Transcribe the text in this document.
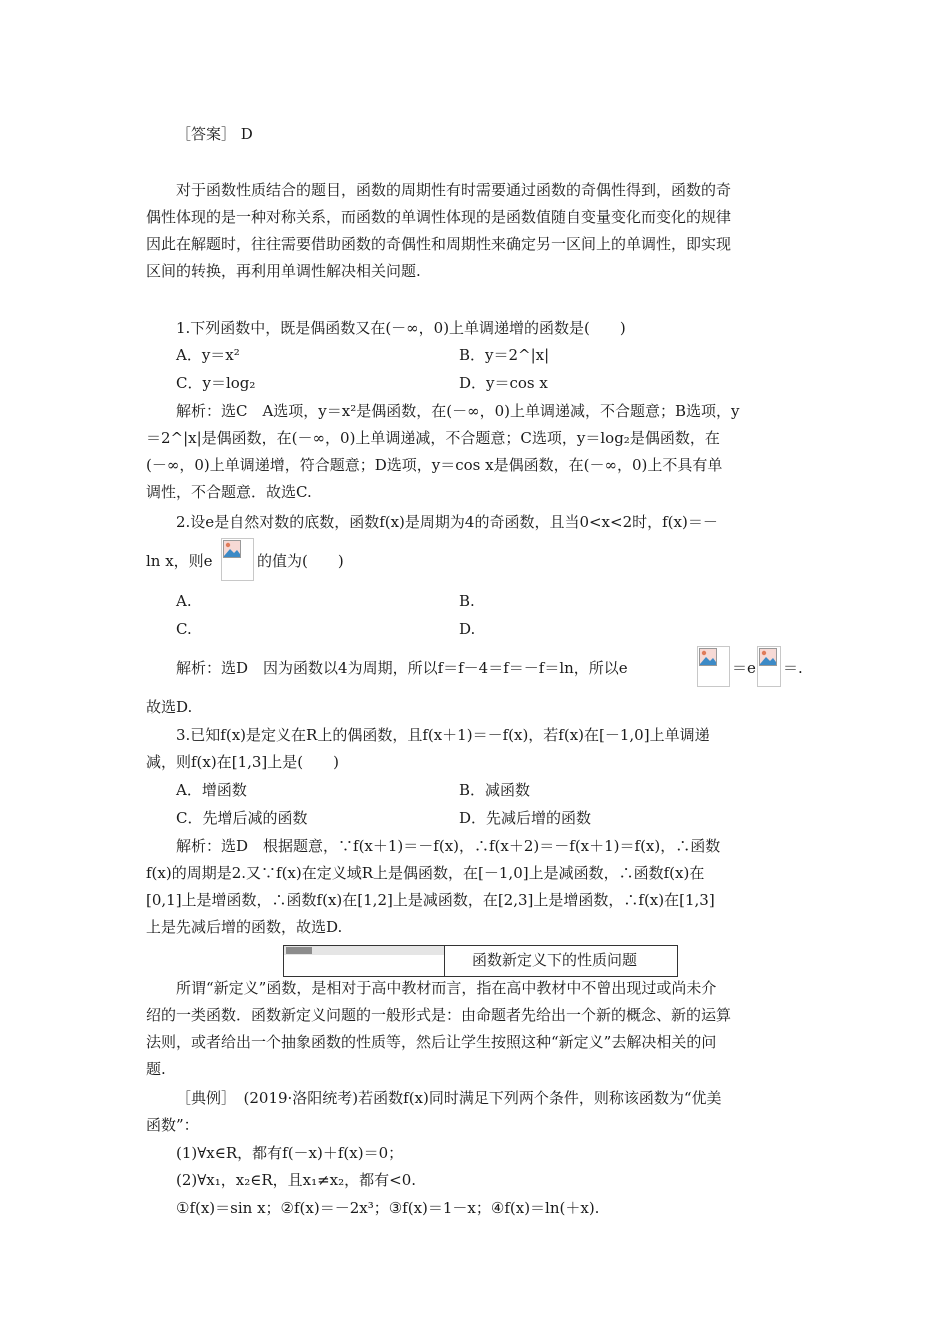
［答案］ D
对于函数性质结合的题目，函数的周期性有时需要通过函数的奇偶性得到，函数的奇
偶性体现的是一种对称关系，而函数的单调性体现的是函数值随自变量变化而变化的规律
因此在解题时，往往需要借助函数的奇偶性和周期性来确定另一区间上的单调性，即实现
区间的转换，再利用单调性解决相关问题.
1.下列函数中，既是偶函数又在(－∞，0)上单调递增的函数是(　　)
A．y＝x²	B．y＝2^|x|
C．y＝log₂	D．y＝cos x
解析：选C　A选项，y＝x²是偶函数，在(－∞，0)上单调递减，不合题意；B选项，y
＝2^|x|是偶函数，在(－∞，0)上单调递减，不合题意；C选项，y＝log₂是偶函数，在
(－∞，0)上单调递增，符合题意；D选项，y＝cos x是偶函数，在(－∞，0)上不具有单
调性，不合题意．故选C.
2.设e是自然对数的底数，函数f(x)是周期为4的奇函数，且当0<x<2时，f(x)＝－
ln x，则e	的值为(　　)
A.	B.
C.	D.
解析：选D　因为函数以4为周期，所以f＝f－4＝f＝－f＝ln，所以e	＝e ＝.
故选D.
3.已知f(x)是定义在R上的偶函数，且f(x＋1)＝－f(x)，若f(x)在[－1,0]上单调递
减，则f(x)在[1,3]上是(　　)
A．增函数	B．减函数
C．先增后减的函数	D．先减后增的函数
解析：选D　根据题意，∵f(x＋1)＝－f(x)，∴f(x＋2)＝－f(x＋1)＝f(x)，∴函数
f(x)的周期是2.又∵f(x)在定义域R上是偶函数，在[－1,0]上是减函数，∴函数f(x)在
[0,1]上是增函数，∴函数f(x)在[1,2]上是减函数，在[2,3]上是增函数，∴f(x)在[1,3]
上是先减后增的函数，故选D.
函数新定义下的性质问题
所谓“新定义”函数，是相对于高中教材而言，指在高中教材中不曾出现过或尚未介
绍的一类函数．函数新定义问题的一般形式是：由命题者先给出一个新的概念、新的运算
法则，或者给出一个抽象函数的性质等，然后让学生按照这种“新定义”去解决相关的问
题.
［典例］　(2019·洛阳统考)若函数f(x)同时满足下列两个条件，则称该函数为“优美
函数”：
(1)∀x∈R，都有f(－x)＋f(x)＝0；
(2)∀x₁，x₂∈R，且x₁≠x₂，都有<0.
①f(x)＝sin x；②f(x)＝－2x³；③f(x)＝1－x；④f(x)＝ln(＋x).
